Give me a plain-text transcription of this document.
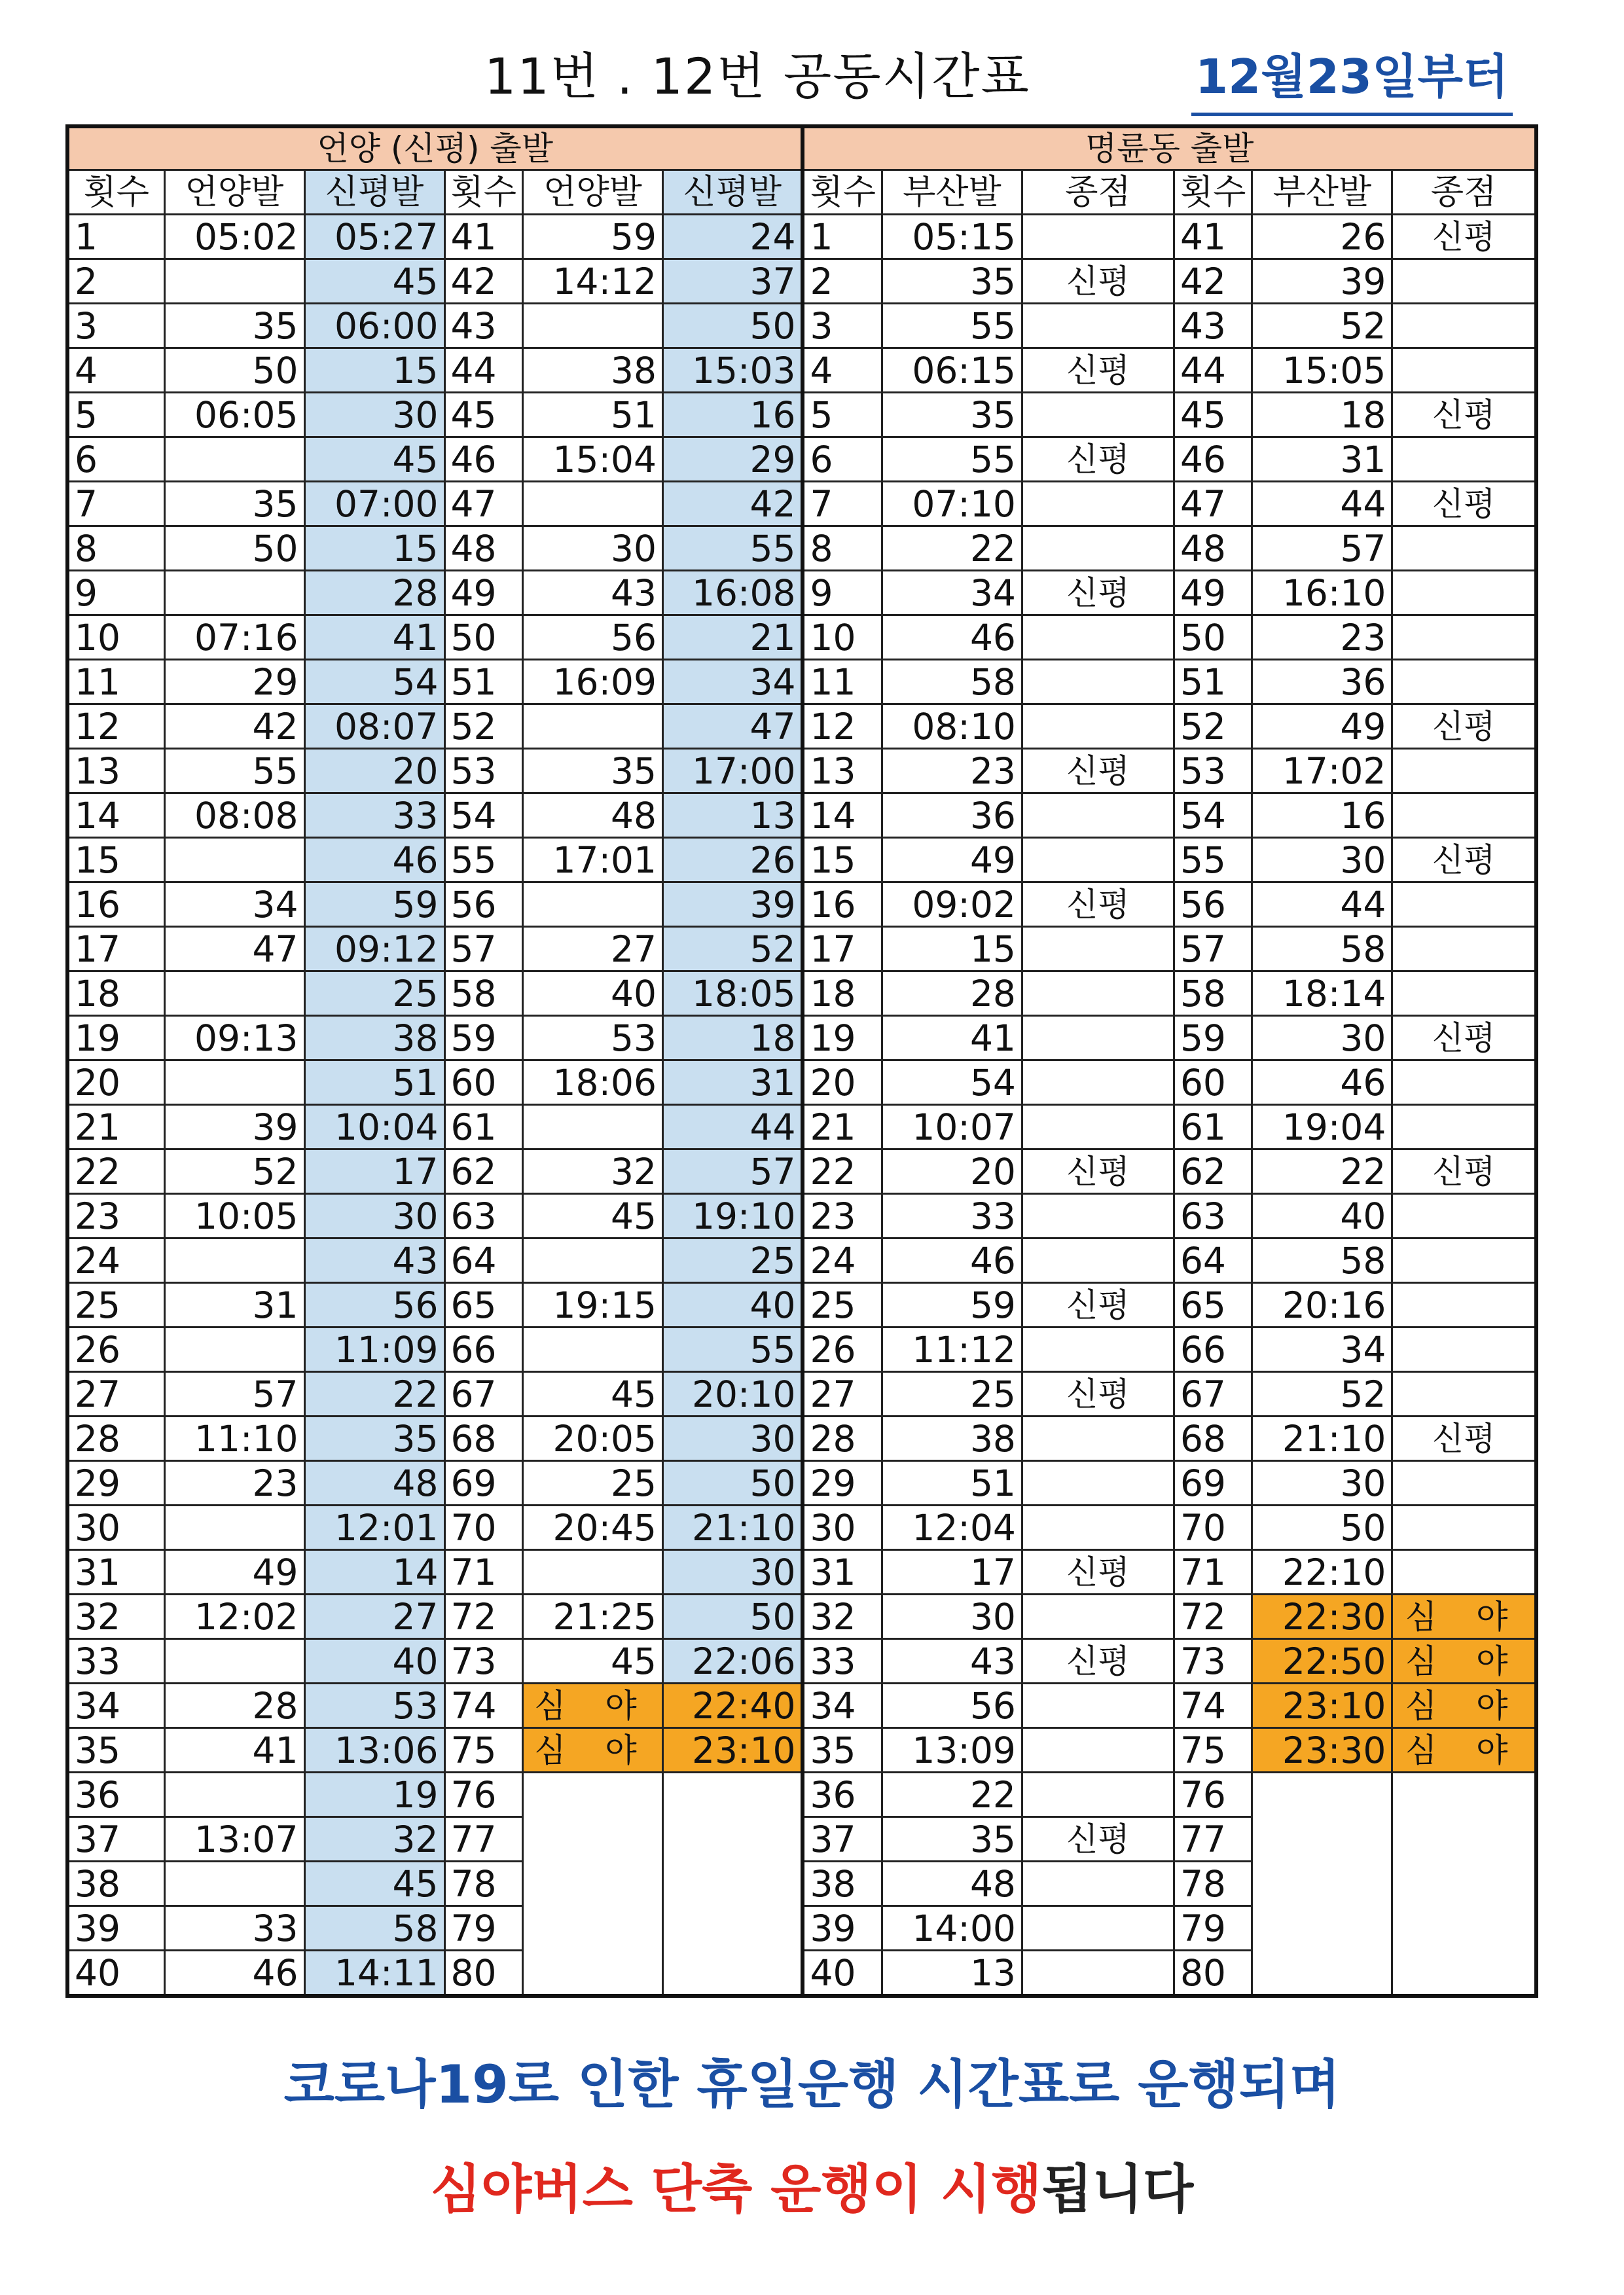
11번 . 12번 공동시간표	12월23일부터
언양 (신평) 출발						명륜동 출발					
횟수	언양발	신평발	횟수	언양발	신평발	횟수	부산발	종점	횟수	부산발	종점
1	05:02	05:27	41	59	24	1	05:15		41	26	신평
2		45	42	14:12	37	2	35	신평	42	39	
3	35	06:00	43		50	3	55		43	52	
4	50	15	44	38	15:03	4	06:15	신평	44	15:05	
5	06:05	30	45	51	16	5	35		45	18	신평
6		45	46	15:04	29	6	55	신평	46	31	
7	35	07:00	47		42	7	07:10		47	44	신평
8	50	15	48	30	55	8	22		48	57	
9		28	49	43	16:08	9	34	신평	49	16:10	
10	07:16	41	50	56	21	10	46		50	23	
11	29	54	51	16:09	34	11	58		51	36	
12	42	08:07	52		47	12	08:10		52	49	신평
13	55	20	53	35	17:00	13	23	신평	53	17:02	
14	08:08	33	54	48	13	14	36		54	16	
15		46	55	17:01	26	15	49		55	30	신평
16	34	59	56		39	16	09:02	신평	56	44	
17	47	09:12	57	27	52	17	15		57	58	
18		25	58	40	18:05	18	28		58	18:14	
19	09:13	38	59	53	18	19	41		59	30	신평
20		51	60	18:06	31	20	54		60	46	
21	39	10:04	61		44	21	10:07		61	19:04	
22	52	17	62	32	57	22	20	신평	62	22	신평
23	10:05	30	63	45	19:10	23	33		63	40	
24		43	64		25	24	46		64	58	
25	31	56	65	19:15	40	25	59	신평	65	20:16	
26		11:09	66		55	26	11:12		66	34	
27	57	22	67	45	20:10	27	25	신평	67	52	
28	11:10	35	68	20:05	30	28	38		68	21:10	신평
29	23	48	69	25	50	29	51		69	30	
30		12:01	70	20:45	21:10	30	12:04		70	50	
31	49	14	71		30	31	17	신평	71	22:10	
32	12:02	27	72	21:25	50	32	30		72	22:30	심 야
33		40	73	45	22:06	33	43	신평	73	22:50	심 야
34	28	53	74	심 야	22:40	34	56		74	23:10	심 야
35	41	13:06	75	심 야	23:10	35	13:09		75	23:30	심 야
36		19	76			36	22		76		
37	13:07	32	77			37	35	신평	77		
38		45	78			38	48		78		
39	33	58	79			39	14:00		79		
40	46	14:11	80			40	13		80		
코로나19로 인한 휴일운행 시간표로 운행되며
심야버스 단축 운행이 시행됩니다
